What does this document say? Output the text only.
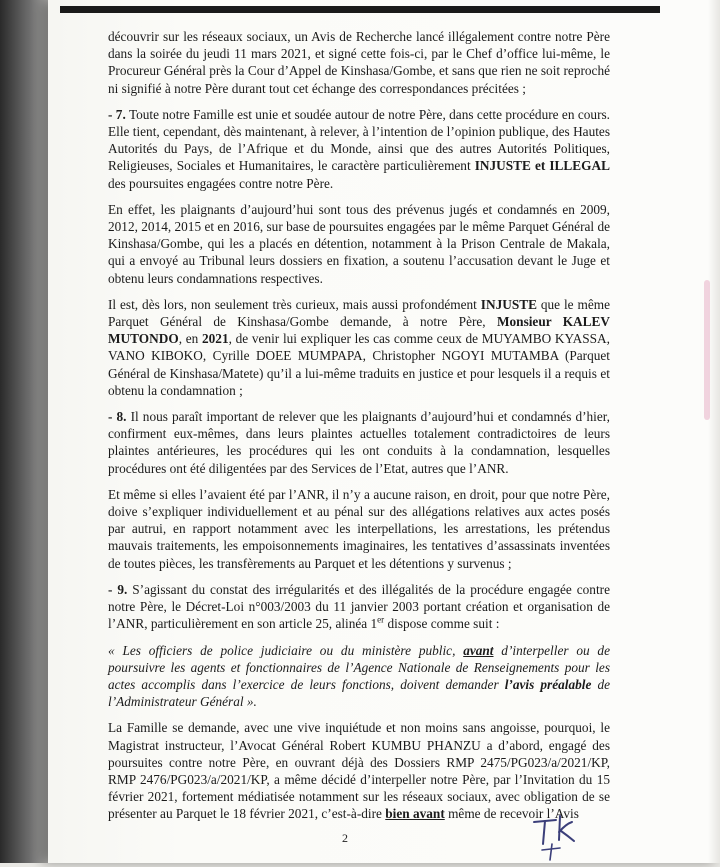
découvrir sur les réseaux sociaux, un Avis de Recherche lancé illégalement contre notre Père dans la soirée du jeudi 11 mars 2021, et signé cette fois-ci, par le Chef d’office lui-même, le Procureur Général près la Cour d’Appel de Kinshasa/Gombe, et sans que rien ne soit reproché ni signifié à notre Père durant tout cet échange des correspondances précitées ;

- 7. Toute notre Famille est unie et soudée autour de notre Père, dans cette procédure en cours. Elle tient, cependant, dès maintenant, à relever, à l’intention de l’opinion publique, des Hautes Autorités du Pays, de l’Afrique et du Monde, ainsi que des autres Autorités Politiques, Religieuses, Sociales et Humanitaires, le caractère particulièrement INJUSTE et ILLEGAL des poursuites engagées contre notre Père.

En effet, les plaignants d’aujourd’hui sont tous des prévenus jugés et condamnés en 2009, 2012, 2014, 2015 et en 2016, sur base de poursuites engagées par le même Parquet Général de Kinshasa/Gombe, qui les a placés en détention, notamment à la Prison Centrale de Makala, qui a envoyé au Tribunal leurs dossiers en fixation, a soutenu l’accusation devant le Juge et obtenu leurs condamnations respectives.

Il est, dès lors, non seulement très curieux, mais aussi profondément INJUSTE que le même Parquet Général de Kinshasa/Gombe demande, à notre Père, Monsieur KALEV MUTONDO, en 2021, de venir lui expliquer les cas comme ceux de MUYAMBO KYASSA, VANO KIBOKO, Cyrille DOEE MUMPAPA, Christopher NGOYI MUTAMBA (Parquet Général de Kinshasa/Matete) qu’il a lui-même traduits en justice et pour lesquels il a requis et obtenu la condamnation ;

- 8. Il nous paraît important de relever que les plaignants d’aujourd’hui et condamnés d’hier, confirment eux-mêmes, dans leurs plaintes actuelles totalement contradictoires de leurs plaintes antérieures, les procédures qui les ont conduits à la condamnation, lesquelles procédures ont été diligentées par des Services de l’Etat, autres que l’ANR.

Et même si elles l’avaient été par l’ANR, il n’y a aucune raison, en droit, pour que notre Père, doive s’expliquer individuellement et au pénal sur des allégations relatives aux actes posés par autrui, en rapport notamment avec les interpellations, les arrestations, les prétendus mauvais traitements, les empoisonnements imaginaires, les tentatives d’assassinats inventées de toutes pièces, les transfèrements au Parquet et les détentions y survenus ;

- 9. S’agissant du constat des irrégularités et des illégalités de la procédure engagée contre notre Père, le Décret-Loi n°003/2003 du 11 janvier 2003 portant création et organisation de l’ANR, particulièrement en son article 25, alinéa 1er dispose comme suit :

« Les officiers de police judiciaire ou du ministère public, avant d’interpeller ou de poursuivre les agents et fonctionnaires de l’Agence Nationale de Renseignements pour les actes accomplis dans l’exercice de leurs fonctions, doivent demander l’avis préalable de l’Administrateur Général ».

La Famille se demande, avec une vive inquiétude et non moins sans angoisse, pourquoi, le Magistrat instructeur, l’Avocat Général Robert KUMBU PHANZU a d’abord, engagé des poursuites contre notre Père, en ouvrant déjà des Dossiers RMP 2475/PG023/a/2021/KP, RMP 2476/PG023/a/2021/KP, a même décidé d’interpeller notre Père, par l’Invitation du 15 février 2021, fortement médiatisée notamment sur les réseaux sociaux, avec obligation de se présenter au Parquet le 18 février 2021, c’est-à-dire bien avant même de recevoir l’Avis

2
